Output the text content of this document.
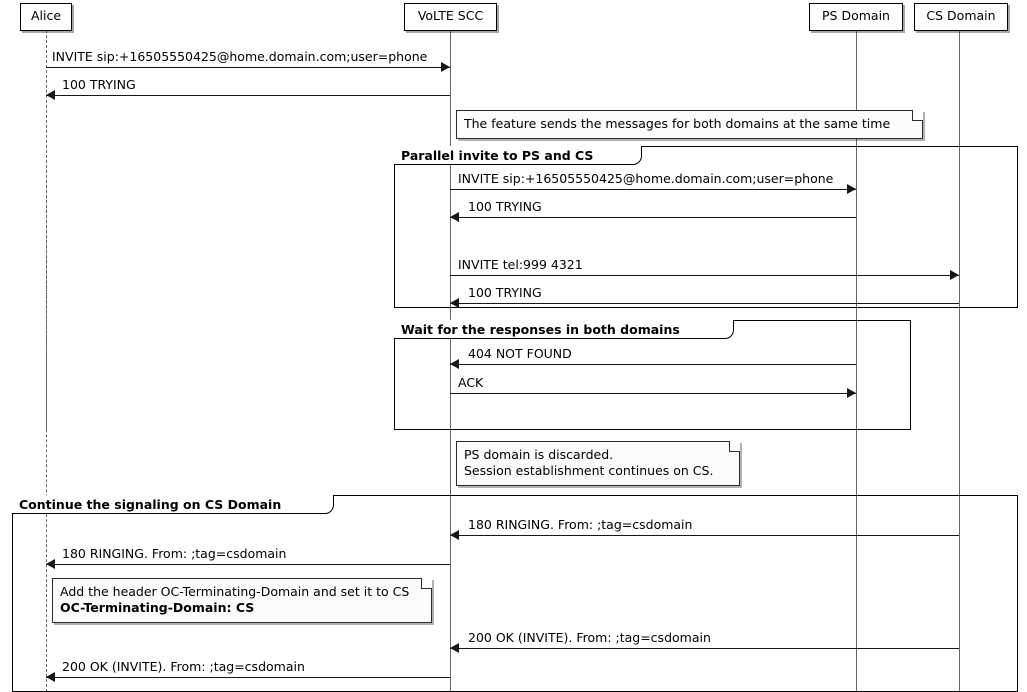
Alice	VoLTE SCC	PS Domain	CS Domain
INVITE sip:+16505550425@home.domain.com;user=phone
100 TRYING
The feature sends the messages for both domains at the same time
Parallel invite to PS and CS
INVITE sip:+16505550425@home.domain.com;user=phone
100 TRYING
INVITE tel:999 4321
100 TRYING
Wait for the responses in both domains
404 NOT FOUND
ACK
PS domain is discarded.
Session establishment continues on CS.
Continue the signaling on CS Domain
180 RINGING. From: ;tag=csdomain
180 RINGING. From: ;tag=csdomain
Add the header OC-Terminating-Domain and set it to CS
OC-Terminating-Domain: CS
200 OK (INVITE). From: ;tag=csdomain
200 OK (INVITE). From: ;tag=csdomain
